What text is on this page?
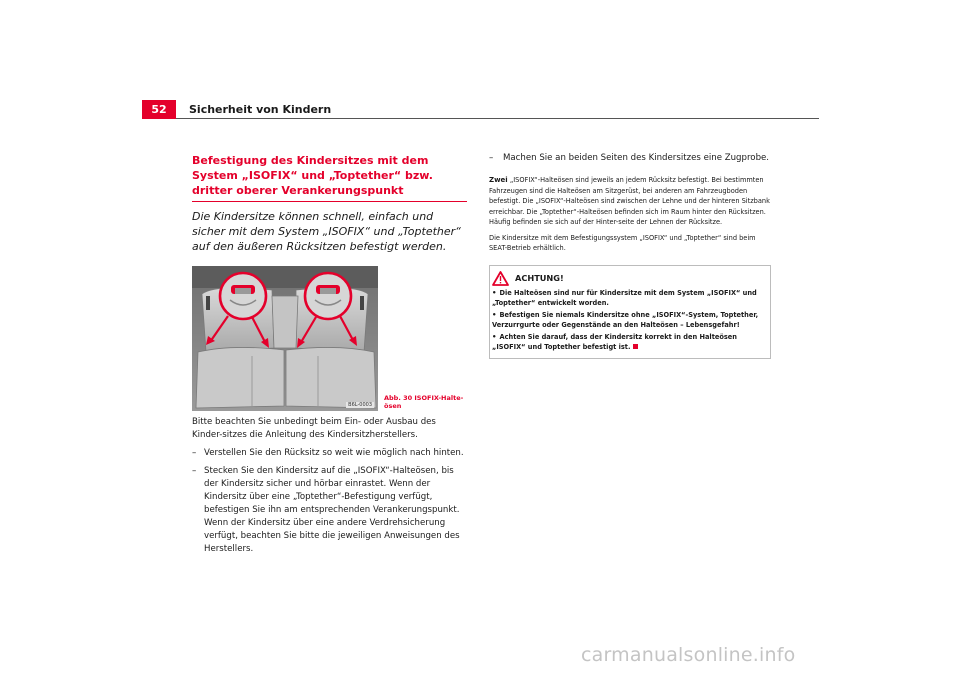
52	Sicherheit von Kindern
Befestigung des Kindersitzes mit dem System „ISOFIX“ und „Toptether“ bzw. dritter oberer Verankerungspunkt

Die Kindersitze können schnell, einfach und sicher mit dem System „ISOFIX“ und „Toptether“ auf den äußeren Rücksitzen befestigt werden.

B6L-0003
Abb. 30 ISOFIX-Halte-ösen

Bitte beachten Sie unbedingt beim Ein- oder Ausbau des Kinder-sitzes die Anleitung des Kindersitzherstellers.

– Verstellen Sie den Rücksitz so weit wie möglich nach hinten.
– Stecken Sie den Kindersitz auf die „ISOFIX“-Halteösen, bis der Kindersitz sicher und hörbar einrastet. Wenn der Kindersitz über eine „Toptether“-Befestigung verfügt, befestigen Sie ihn am entsprechenden Verankerungspunkt. Wenn der Kindersitz über eine andere Verdrehsicherung verfügt, beachten Sie bitte die jeweiligen Anweisungen des Herstellers.
– Machen Sie an beiden Seiten des Kindersitzes eine Zugprobe.

Zwei „ISOFIX“-Halteösen sind jeweils an jedem Rücksitz befestigt. Bei bestimmten Fahrzeugen sind die Halteösen am Sitzgerüst, bei anderen am Fahrzeugboden befestigt. Die „ISOFIX“-Halteösen sind zwischen der Lehne und der hinteren Sitzbank erreichbar. Die „Toptether“-Halteösen befinden sich im Raum hinter den Rücksitzen. Häufig befinden sie sich auf der Hinter-seite der Lehnen der Rücksitze.

Die Kindersitze mit dem Befestigungssystem „ISOFIX“ und „Toptether“ sind beim SEAT-Betrieb erhältlich.

ACHTUNG!
• Die Halteösen sind nur für Kindersitze mit dem System „ISOFIX“ und „Toptether“ entwickelt worden.
• Befestigen Sie niemals Kindersitze ohne „ISOFIX“-System, Toptether, Verzurrgurte oder Gegenstände an den Halteösen – Lebensgefahr!
• Achten Sie darauf, dass der Kindersitz korrekt in den Halteösen „ISOFIX“ und Toptether befestigt ist.
carmanualsonline.info
